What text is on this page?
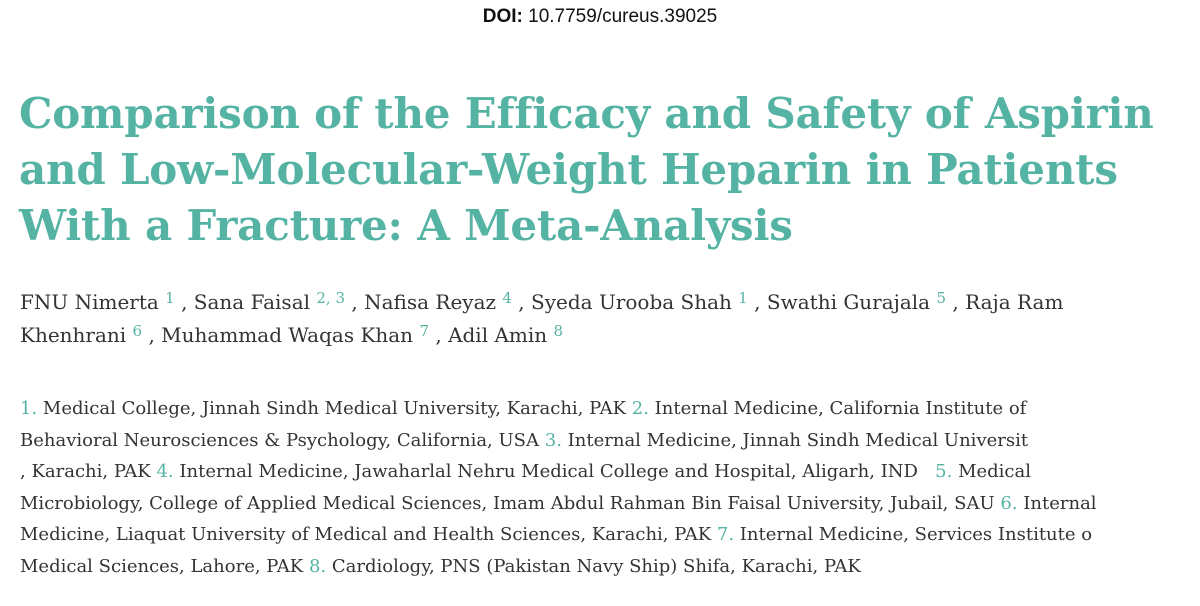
DOI: 10.7759/cureus.39025
Comparison of the Efficacy and Safety of Aspirin
and Low-Molecular-Weight Heparin in Patients
With a Fracture: A Meta-Analysis
FNU Nimerta $^1$ , Sana Faisal $^{2, 3}$ , Nafisa Reyaz $^4$ , Syeda Urooba Shah $^1$ , Swathi Gurajala $^5$ , Raja Ram
Khenhrani $^6$ , Muhammad Waqas Khan $^7$ , Adil Amin $^8$
1. Medical College, Jinnah Sindh Medical University, Karachi, PAK 2. Internal Medicine, California Institute of
Behavioral Neurosciences & Psychology, California, USA 3. Internal Medicine, Jinnah Sindh Medical Universit
, Karachi, PAK 4. Internal Medicine, Jawaharlal Nehru Medical College and Hospital, Aligarh, IND 5. Medical
Microbiology, College of Applied Medical Sciences, Imam Abdul Rahman Bin Faisal University, Jubail, SAU 6. Internal
Medicine, Liaquat University of Medical and Health Sciences, Karachi, PAK 7. Internal Medicine, Services Institute o
Medical Sciences, Lahore, PAK 8. Cardiology, PNS (Pakistan Navy Ship) Shifa, Karachi, PAK
